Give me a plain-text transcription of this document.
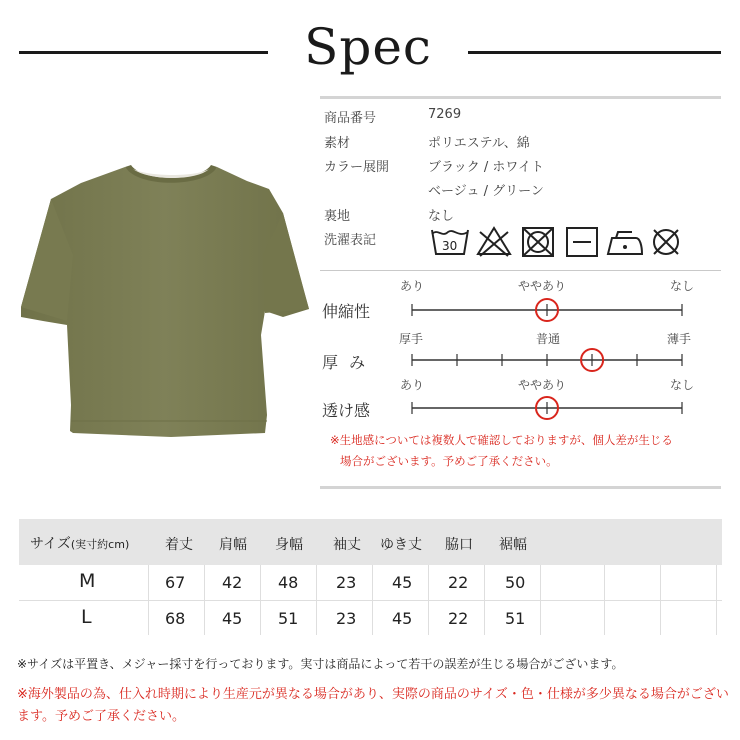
Spec
商品番号	7269
素材	ポリエステル、綿
カラー展開	ブラック / ホワイト
ベージュ / グリーン
裏地	なし
洗濯表記	30
あり	ややあり	なし
伸縮性
厚手	普通	薄手
厚 み
あり	ややあり	なし
透け感
※生地感については複数人で確認しておりますが、個人差が生じる
場合がございます。予めご了承ください。
サイズ(実寸約cm)	着丈 肩幅 身幅 袖丈 ゆき丈 脇口 裾幅
M	67 42 48 23 45 22 50
L	68 45 51 23 45 22 51
※サイズは平置き、メジャー採寸を行っております。実寸は商品によって若干の誤差が生じる場合がございます。
※海外製品の為、仕入れ時期により生産元が異なる場合があり、実際の商品のサイズ・色・仕様が多少異なる場合がございます。予めご了承ください。
